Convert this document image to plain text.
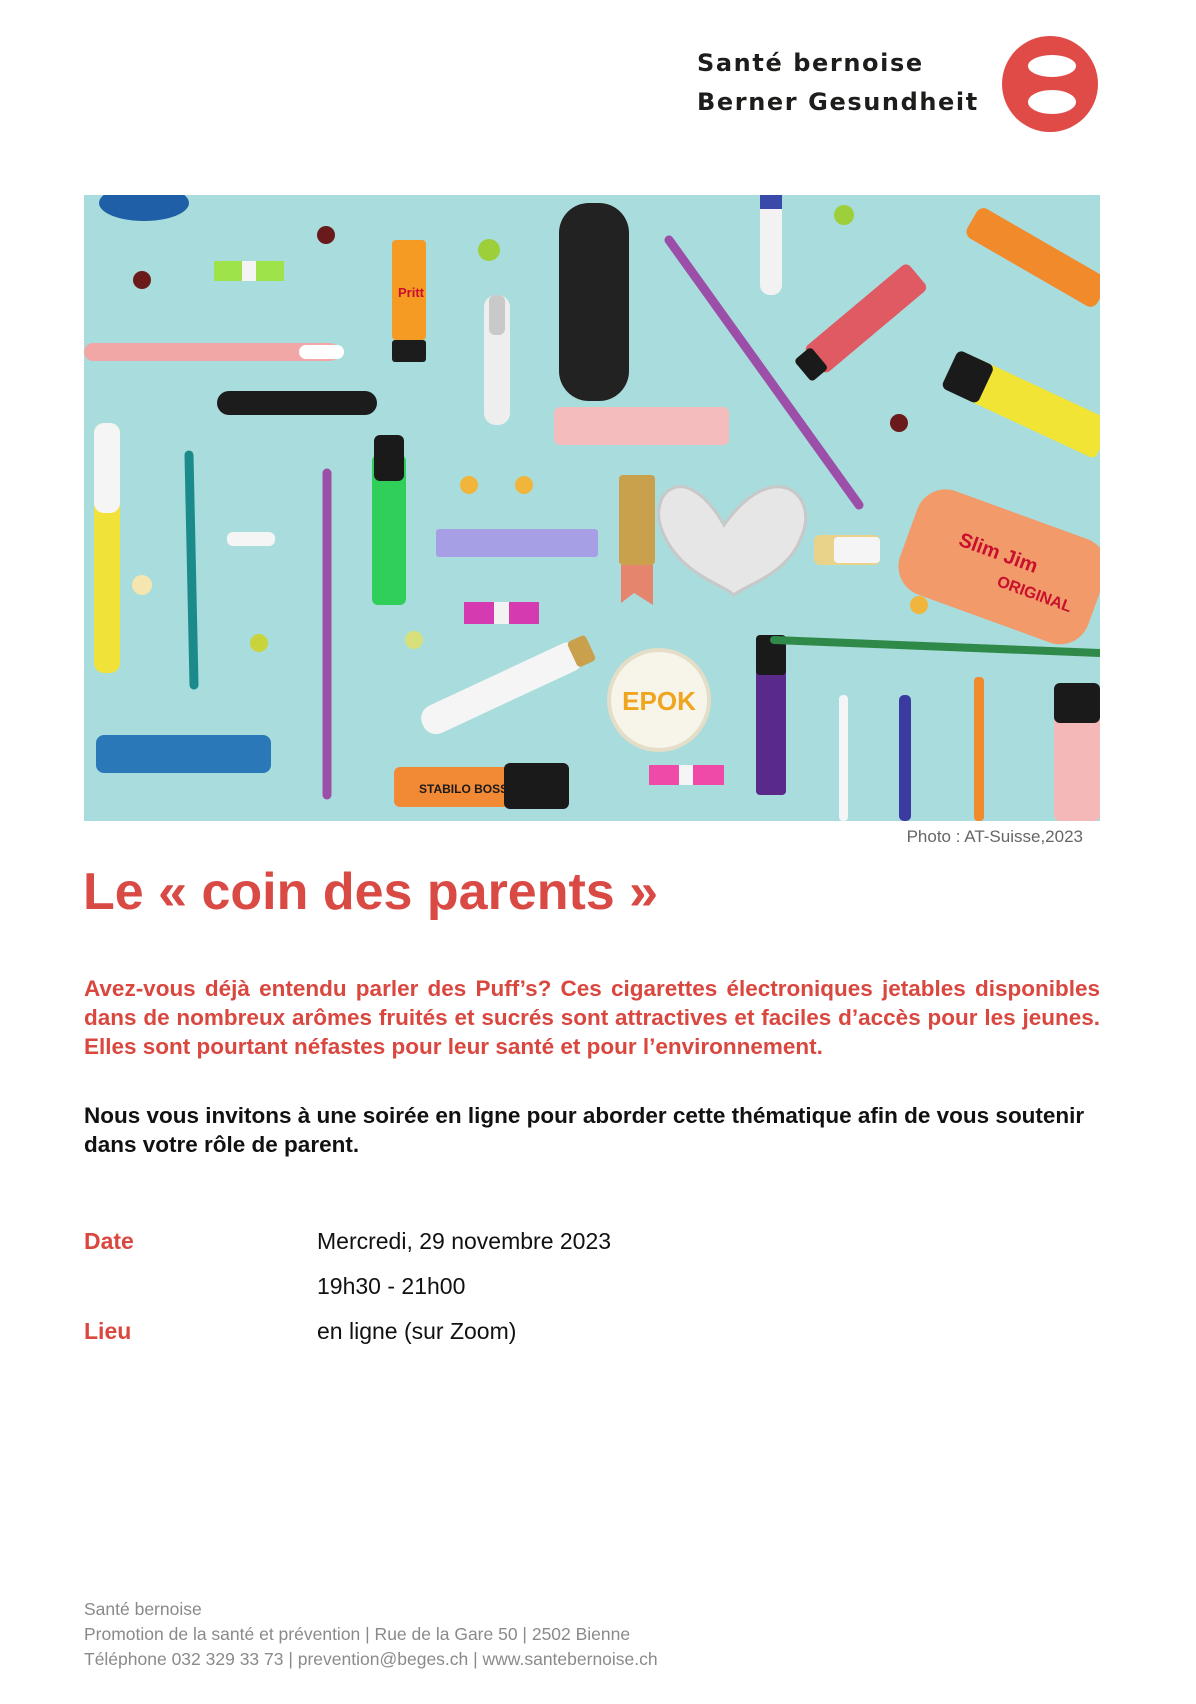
Santé bernoise
Berner Gesundheit
Pritt
Slim Jim
ORIGINAL
EPOK
STABILO BOSS
Photo : AT-Suisse,2023
Le « coin des parents »

Avez-vous déjà entendu parler des Puff’s? Ces cigarettes électroniques jetables disponibles dans de nombreux arômes fruités et sucrés sont attractives et faciles d’accès pour les jeunes. Elles sont pourtant néfastes pour leur santé et pour l’environnement.

Nous vous invitons à une soirée en ligne pour aborder cette thématique afin de vous soutenir dans votre rôle de parent.

Date	Mercredi, 29 novembre 2023
19h30 - 21h00
Lieu	en ligne (sur Zoom)
Santé bernoise
Promotion de la santé et prévention | Rue de la Gare 50 | 2502 Bienne
Téléphone 032 329 33 73 | prevention@beges.ch | www.santebernoise.ch
